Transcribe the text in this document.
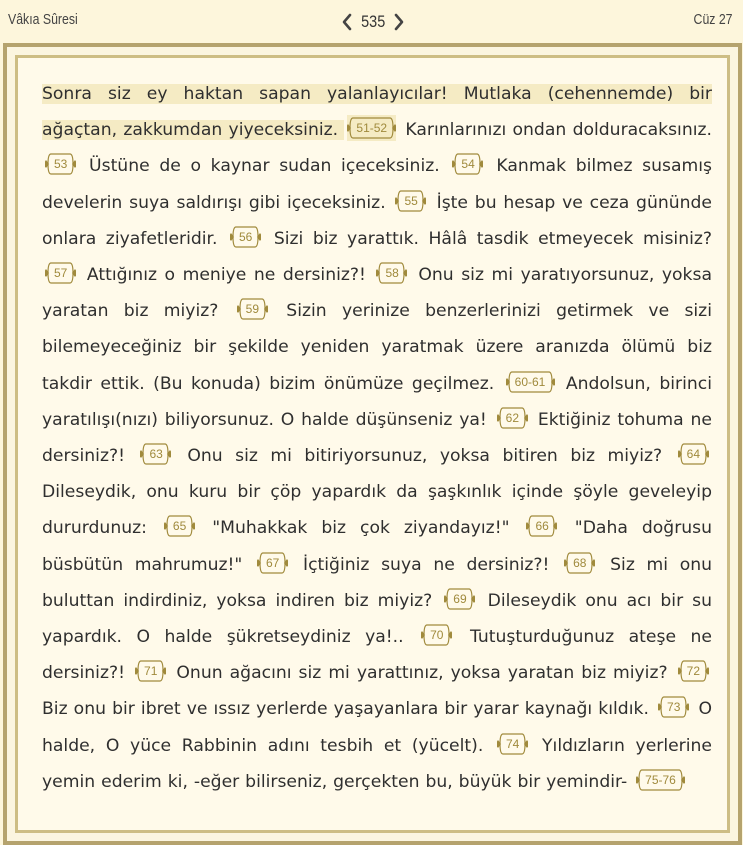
Vâkıa Sûresi	535	Cüz 27
Sonra siz ey haktan sapan yalanlayıcılar! Mutlaka (cehennemde) bir ağaçtan, zakkumdan yiyeceksiniz.	51-52 Karınlarınızı ondan dolduracaksınız.
53 Üstüne de o kaynar sudan içeceksiniz.	54 Kanmak bilmez susamış develerin suya saldırışı gibi içeceksiniz.	55 İşte bu hesap ve ceza gününde onlara ziyafetleridir.	56 Sizi biz yarattık. Hâlâ tasdik etmeyecek misiniz?
57 Attığınız o meniye ne dersiniz?!	58 Onu siz mi yaratıyorsunuz, yoksa yaratan biz miyiz?	59 Sizin yerinize benzerlerinizi getirmek ve sizi bilemeyeceğiniz bir şekilde yeniden yaratmak üzere aranızda ölümü biz takdir ettik. (Bu konuda) bizim önümüze geçilmez.	60-61 Andolsun, birinci yaratılışı(nızı) biliyorsunuz. O halde düşünseniz ya!	62 Ektiğiniz tohuma ne dersiniz?!	63 Onu siz mi bitiriyorsunuz, yoksa bitiren biz miyiz?	64
Dileseydik, onu kuru bir çöp yapardık da şaşkınlık içinde şöyle geveleyip dururdunuz:	65 "Muhakkak biz çok ziyandayız!"	66 "Daha doğrusu büsbütün mahrumuz!"	67 İçtiğiniz suya ne dersiniz?!	68 Siz mi onu buluttan indirdiniz, yoksa indiren biz miyiz?	69 Dileseydik onu acı bir su yapardık. O halde şükretseydiniz ya!..	70 Tutuşturduğunuz ateşe ne dersiniz?!	71 Onun ağacını siz mi yarattınız, yoksa yaratan biz miyiz?	72
Biz onu bir ibret ve ıssız yerlerde yaşayanlara bir yarar kaynağı kıldık.	73 O halde, O yüce Rabbinin adını tesbih et (yücelt).	74 Yıldızların yerlerine yemin ederim ki, -eğer bilirseniz, gerçekten bu, büyük bir yemindir-	75-76
